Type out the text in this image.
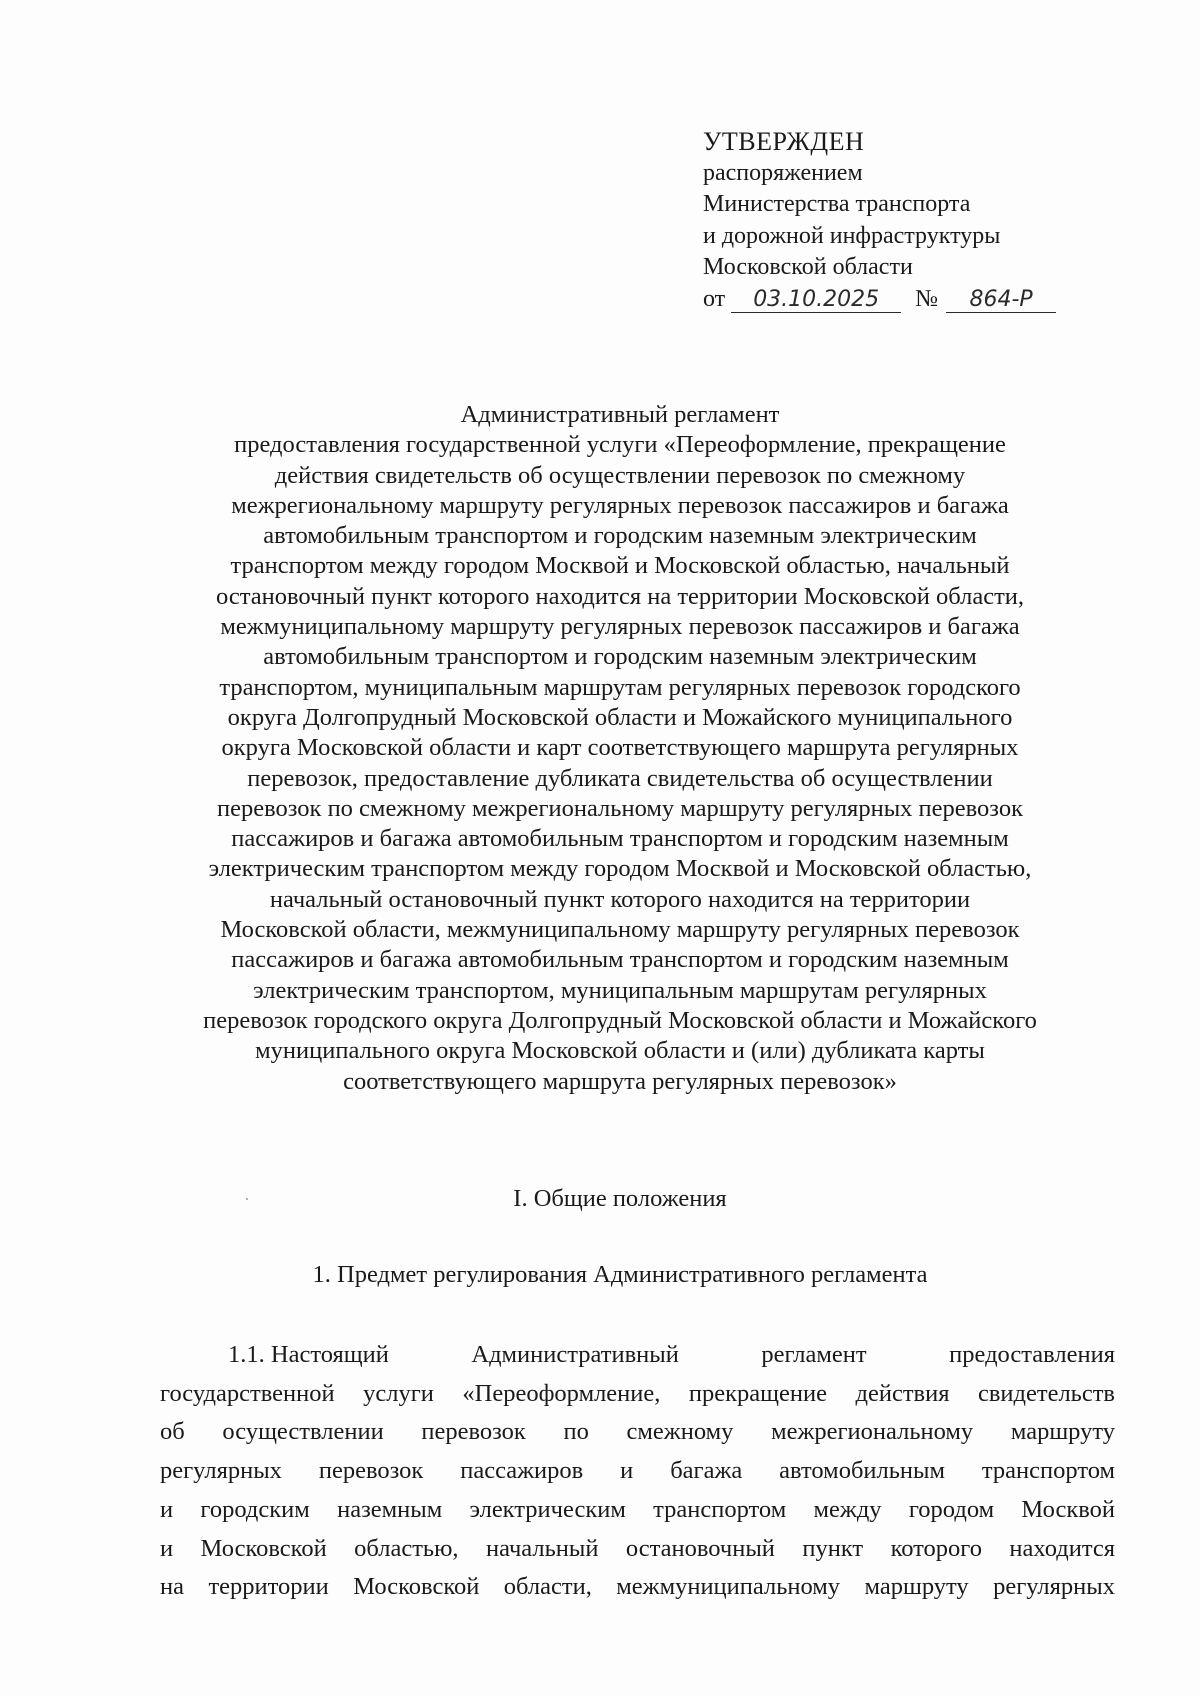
УТВЕРЖДЕН
распоряжением
Министерства транспорта
и дорожной инфраструктуры
Московской области
от 03.10.2025 № 864-Р
Административный регламент
предоставления государственной услуги «Переоформление, прекращение
действия свидетельств об осуществлении перевозок по смежному
межрегиональному маршруту регулярных перевозок пассажиров и багажа
автомобильным транспортом и городским наземным электрическим
транспортом между городом Москвой и Московской областью, начальный
остановочный пункт которого находится на территории Московской области,
межмуниципальному маршруту регулярных перевозок пассажиров и багажа
автомобильным транспортом и городским наземным электрическим
транспортом, муниципальным маршрутам регулярных перевозок городского
округа Долгопрудный Московской области и Можайского муниципального
округа Московской области и карт соответствующего маршрута регулярных
перевозок, предоставление дубликата свидетельства об осуществлении
перевозок по смежному межрегиональному маршруту регулярных перевозок
пассажиров и багажа автомобильным транспортом и городским наземным
электрическим транспортом между городом Москвой и Московской областью,
начальный остановочный пункт которого находится на территории
Московской области, межмуниципальному маршруту регулярных перевозок
пассажиров и багажа автомобильным транспортом и городским наземным
электрическим транспортом, муниципальным маршрутам регулярных
перевозок городского округа Долгопрудный Московской области и Можайского
муниципального округа Московской области и (или) дубликата карты
соответствующего маршрута регулярных перевозок»
I. Общие положения
1. Предмет регулирования Административного регламента
1.1. Настоящий	Административный	регламент	предоставления
государственной услуги «Переоформление, прекращение действия свидетельств
об осуществлении перевозок по смежному межрегиональному маршруту
регулярных перевозок пассажиров и багажа автомобильным транспортом
и городским наземным электрическим транспортом между городом Москвой
и Московской областью, начальный остановочный пункт которого находится
на территории Московской области, межмуниципальному маршруту регулярных
